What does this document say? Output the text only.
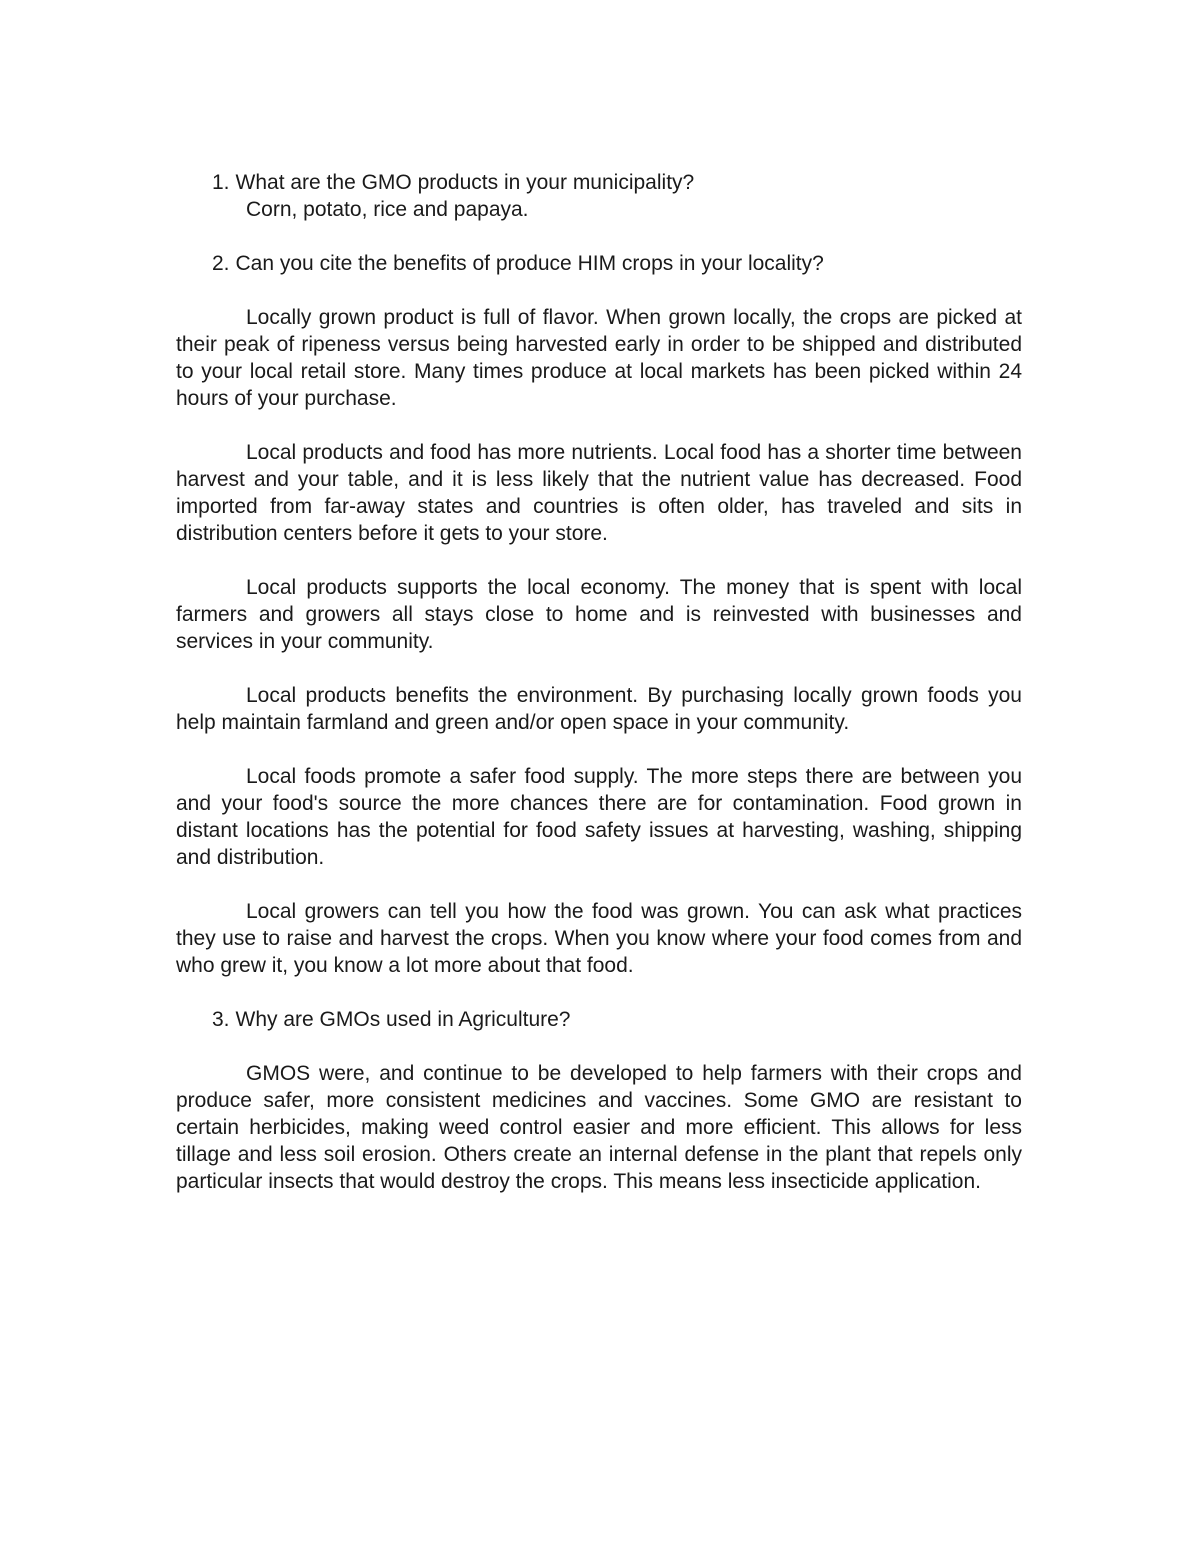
1. What are the GMO products in your municipality?

Corn, potato, rice and papaya.

2. Can you cite the benefits of produce HIM crops in your locality?

Locally grown product is full of flavor. When grown locally, the crops are picked at their peak of ripeness versus being harvested early in order to be shipped and distributed to your local retail store. Many times produce at local markets has been picked within 24 hours of your purchase.

Local products and food has more nutrients. Local food has a shorter time between harvest and your table, and it is less likely that the nutrient value has decreased. Food imported from far-away states and countries is often older, has traveled and sits in distribution centers before it gets to your store.

Local products supports the local economy. The money that is spent with local farmers and growers all stays close to home and is reinvested with businesses and services in your community.

Local products benefits the environment. By purchasing locally grown foods you help maintain farmland and green and/or open space in your community.

Local foods promote a safer food supply. The more steps there are between you and your food's source the more chances there are for contamination. Food grown in distant locations has the potential for food safety issues at harvesting, washing, shipping and distribution.

Local growers can tell you how the food was grown. You can ask what practices they use to raise and harvest the crops. When you know where your food comes from and who grew it, you know a lot more about that food.

3. Why are GMOs used in Agriculture?

GMOS were, and continue to be developed to help farmers with their crops and produce safer, more consistent medicines and vaccines. Some GMO are resistant to certain herbicides, making weed control easier and more efficient. This allows for less tillage and less soil erosion. Others create an internal defense in the plant that repels only particular insects that would destroy the crops. This means less insecticide application.
